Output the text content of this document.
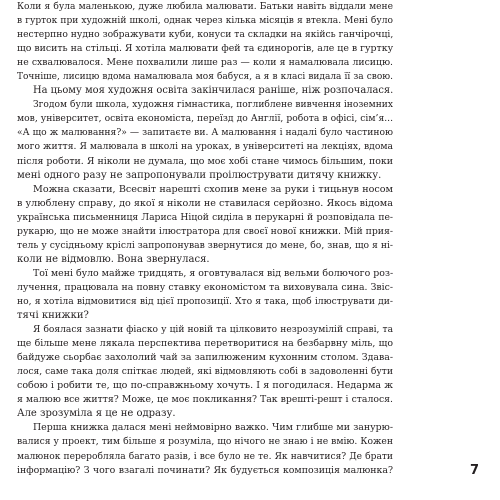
Коли я була маленькою, дуже любила малювати. Батьки навіть віддали мене
в гурток при художній школі, однак через кілька місяців я втекла. Мені було
нестерпно нудно зображувати куби, конуси та складки на якійсь ганчірочці,
що висить на стільці. Я хотіла малювати фей та єдинорогів, але це в гуртку
не схвалювалося. Мене похвалили лише раз — коли я намалювала лисицю.
Точніше, лисицю вдома намалювала моя бабуся, а я в класі видала її за свою.
На цьому моя художня освіта закінчилася раніше, ніж розпочалася.
Згодом були школа, художня гімнастика, поглиблене вивчення іноземних
мов, університет, освіта економіста, переїзд до Англії, робота в офісі, сім’я...
«А що ж малювання?» — запитаєте ви. А малювання і надалі було частиною
мого життя. Я малювала в школі на уроках, в університеті на лекціях, вдома
після роботи. Я ніколи не думала, що моє хобі стане чимось більшим, поки
мені одного разу не запропонували проілюструвати дитячу книжку.
Можна сказати, Всесвіт нарешті схопив мене за руки і тицьнув носом
в улюблену справу, до якої я ніколи не ставилася серйозно. Якось відома
українська письменниця Лариса Ніцой сиділа в перукарні й розповідала пе-
рукарю, що не може знайти ілюстратора для своєї нової книжки. Мій прия-
тель у сусідньому кріслі запропонував звернутися до мене, бо, знав, що я ні-
коли не відмовлю. Вона звернулася.
Тої мені було майже тридцять, я оговтувалася від вельми болючого роз-
лучення, працювала на повну ставку економістом та виховувала сина. Звіс-
но, я хотіла відмовитися від цієї пропозиції. Хто я така, щоб ілюструвати ди-
тячі книжки?
Я боялася зазнати фіаско у цій новій та цілковито незрозумілій справі, та
ще більше мене лякала перспектива перетворитися на безбарвну міль, що
байдуже сьорбає захололий чай за запилюженим кухонним столом. Здава-
лося, саме така доля спіткає людей, які відмовляють собі в задоволенні бути
собою і робити те, що по-справжньому хочуть. І я погодилася. Недарма ж
я малюю все життя? Може, це моє покликання? Так врешті-решт і сталося.
Але зрозуміла я це не одразу.
Перша книжка далася мені неймовірно важко. Чим глибше ми занурю-
валися у проект, тим більше я розуміла, що нічого не знаю і не вмію. Кожен
малюнок переробляла багато разів, і все було не те. Як навчитися? Де брати
інформацію? З чого взагалі починати? Як будується композиція малюнка?	7
